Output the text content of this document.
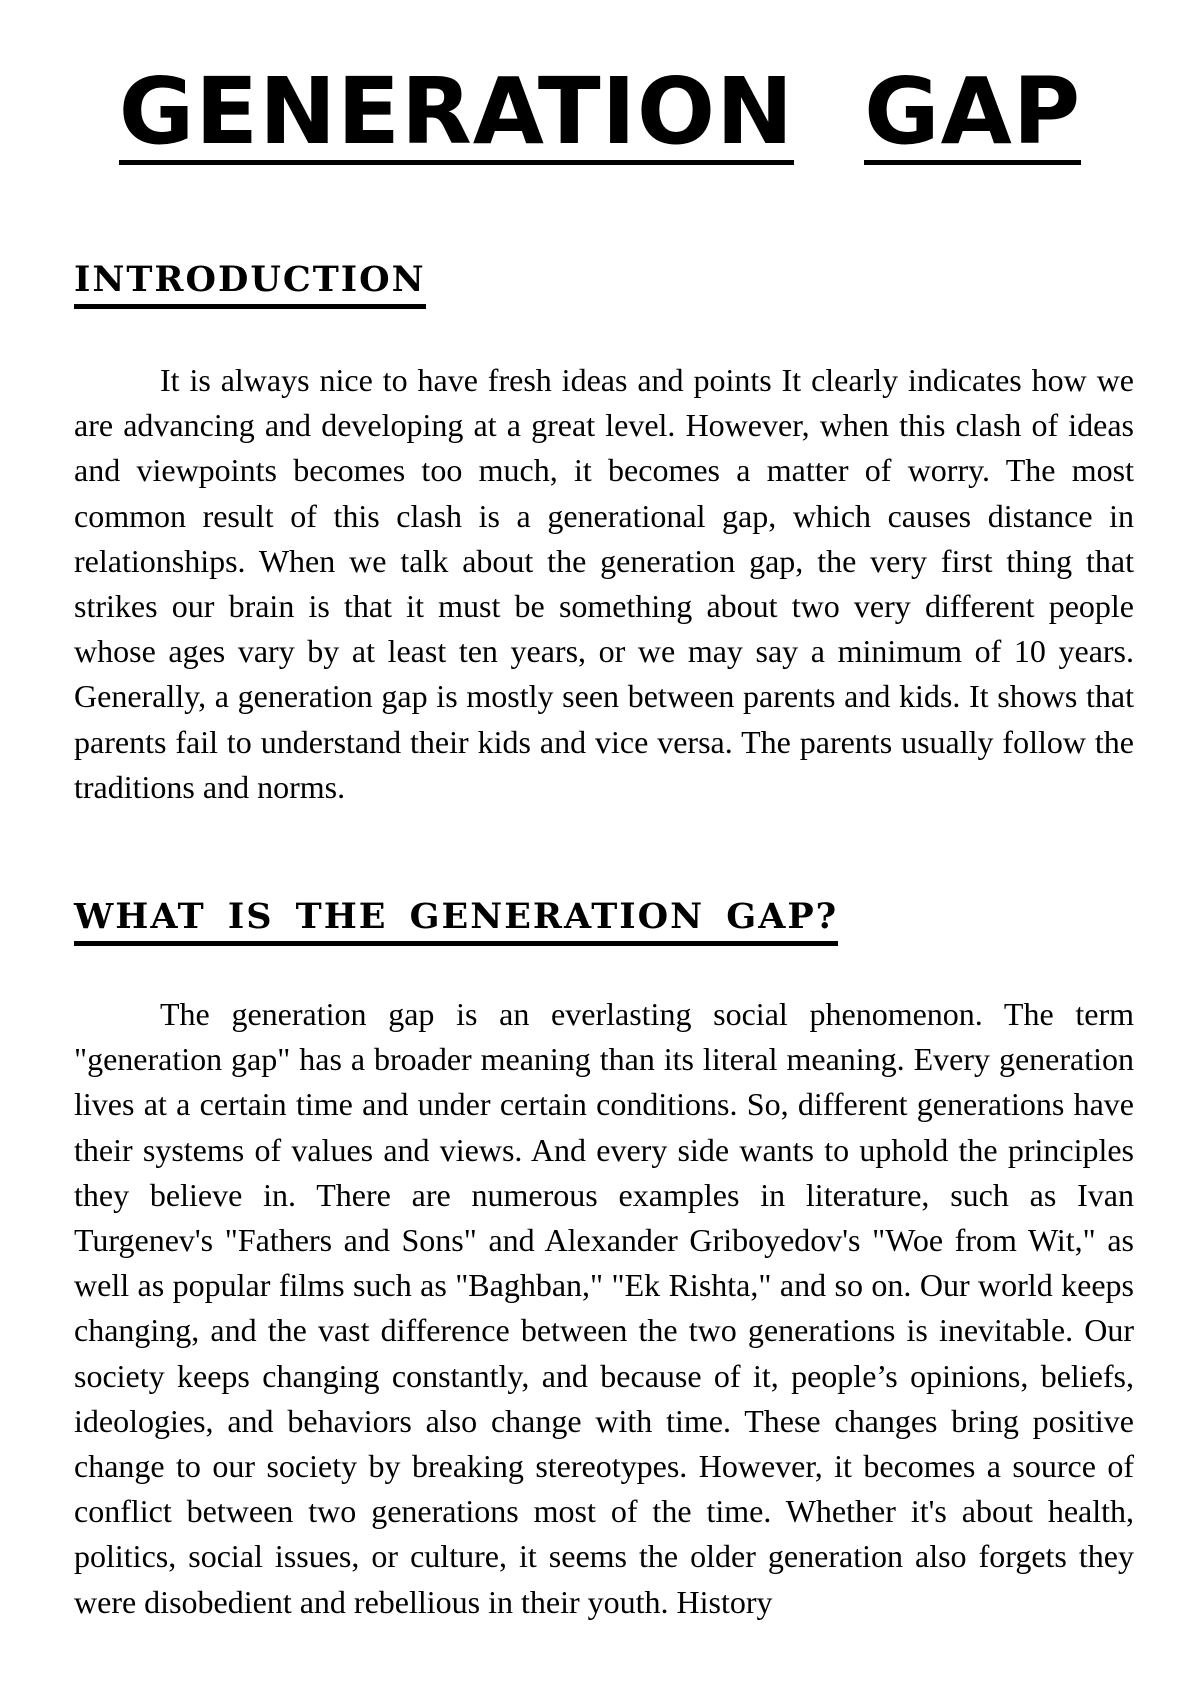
GENERATION GAP
INTRODUCTION

It is always nice to have fresh ideas and points It clearly indicates how we are advancing and developing at a great level. However, when this clash of ideas and viewpoints becomes too much, it becomes a matter of worry. The most common result of this clash is a generational gap, which causes distance in relationships. When we talk about the generation gap, the very first thing that strikes our brain is that it must be something about two very different people whose ages vary by at least ten years, or we may say a minimum of 10 years. Generally, a generation gap is mostly seen between parents and kids. It shows that parents fail to understand their kids and vice versa. The parents usually follow the traditions and norms.

WHAT IS THE GENERATION GAP?

The generation gap is an everlasting social phenomenon. The term "generation gap" has a broader meaning than its literal meaning. Every generation lives at a certain time and under certain conditions. So, different generations have their systems of values and views. And every side wants to uphold the principles they believe in. There are numerous examples in literature, such as Ivan Turgenev's "Fathers and Sons" and Alexander Griboyedov's "Woe from Wit," as well as popular films such as "Baghban," "Ek Rishta," and so on. Our world keeps changing, and the vast difference between the two generations is inevitable. Our society keeps changing constantly, and because of it, people’s opinions, beliefs, ideologies, and behaviors also change with time. These changes bring positive change to our society by breaking stereotypes. However, it becomes a source of conflict between two generations most of the time. Whether it's about health, politics, social issues, or culture, it seems the older generation also forgets they were disobedient and rebellious in their youth. History
